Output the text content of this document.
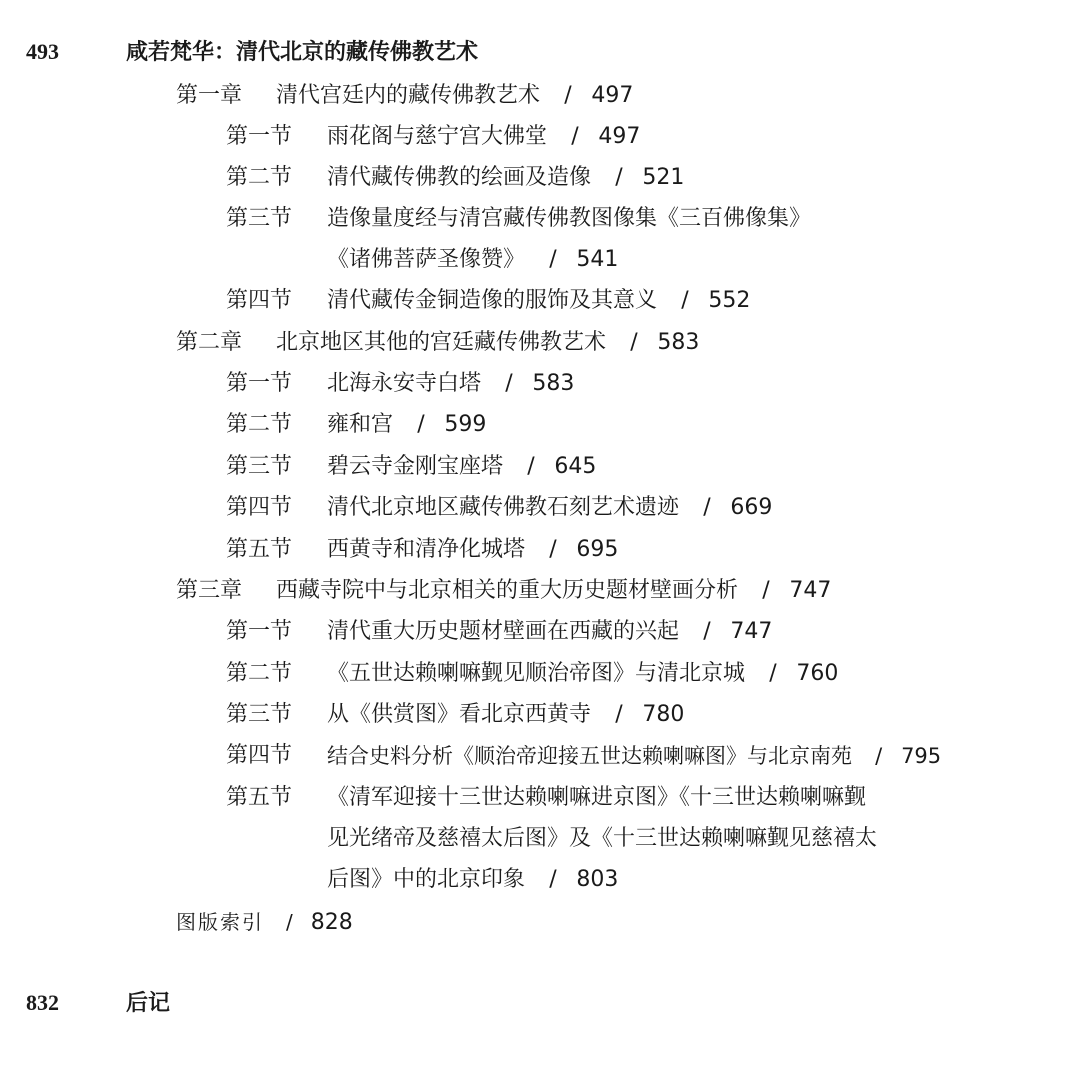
493	咸若梵华：清代北京的藏传佛教艺术
第一章 清代宫廷内的藏传佛教艺术 / 497
第一节 雨花阁与慈宁宫大佛堂 / 497
第二节 清代藏传佛教的绘画及造像 / 521
第三节 造像量度经与清宫藏传佛教图像集《三百佛像集》
《诸佛菩萨圣像赞》 / 541
第四节 清代藏传金铜造像的服饰及其意义 / 552
第二章 北京地区其他的宫廷藏传佛教艺术 / 583
第一节 北海永安寺白塔 / 583
第二节 雍和宫 / 599
第三节 碧云寺金刚宝座塔 / 645
第四节 清代北京地区藏传佛教石刻艺术遗迹 / 669
第五节 西黄寺和清净化城塔 / 695
第三章 西藏寺院中与北京相关的重大历史题材壁画分析 / 747
第一节 清代重大历史题材壁画在西藏的兴起 / 747
第二节 《五世达赖喇嘛觐见顺治帝图》与清北京城 / 760
第三节 从《供赏图》看北京西黄寺 / 780
第四节 结合史料分析《顺治帝迎接五世达赖喇嘛图》与北京南苑 / 795
第五节 《清军迎接十三世达赖喇嘛进京图》《十三世达赖喇嘛觐
见光绪帝及慈禧太后图》及《十三世达赖喇嘛觐见慈禧太
后图》中的北京印象 / 803
图版索引 / 828
832	后记
